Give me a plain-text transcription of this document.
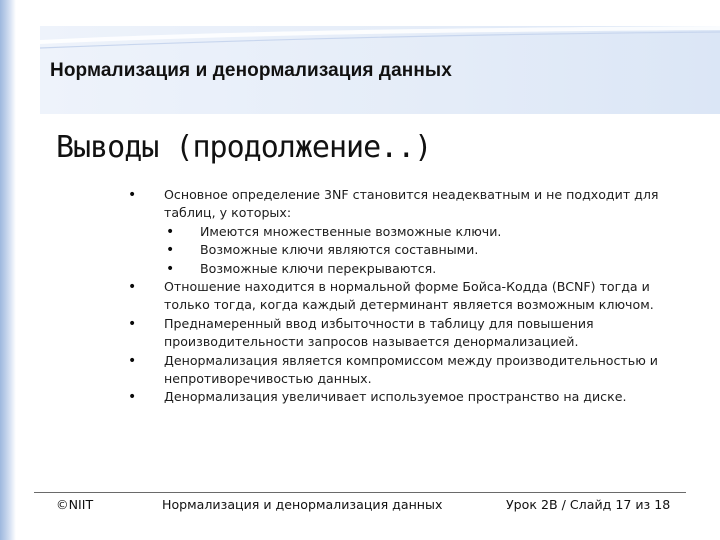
Нормализация и денормализация данных
Выводы (продолжение..)
• Основное определение 3NF становится неадекватным и не подходит для таблиц, у которых:
• Имеются множественные возможные ключи.
• Возможные ключи являются составными.
• Возможные ключи перекрываются.
• Отношение находится в нормальной форме Бойса-Кодда (BCNF) тогда и только тогда, когда каждый детерминант является возможным ключом.
• Преднамеренный ввод избыточности в таблицу для повышения производительности запросов называется денормализацией.
• Денормализация является компромиссом между производительностью и непротиворечивостью данных.
• Денормализация увеличивает используемое пространство на диске.
©NIIT	Нормализация и денормализация данных	Урок 2В / Слайд 17 из 18
